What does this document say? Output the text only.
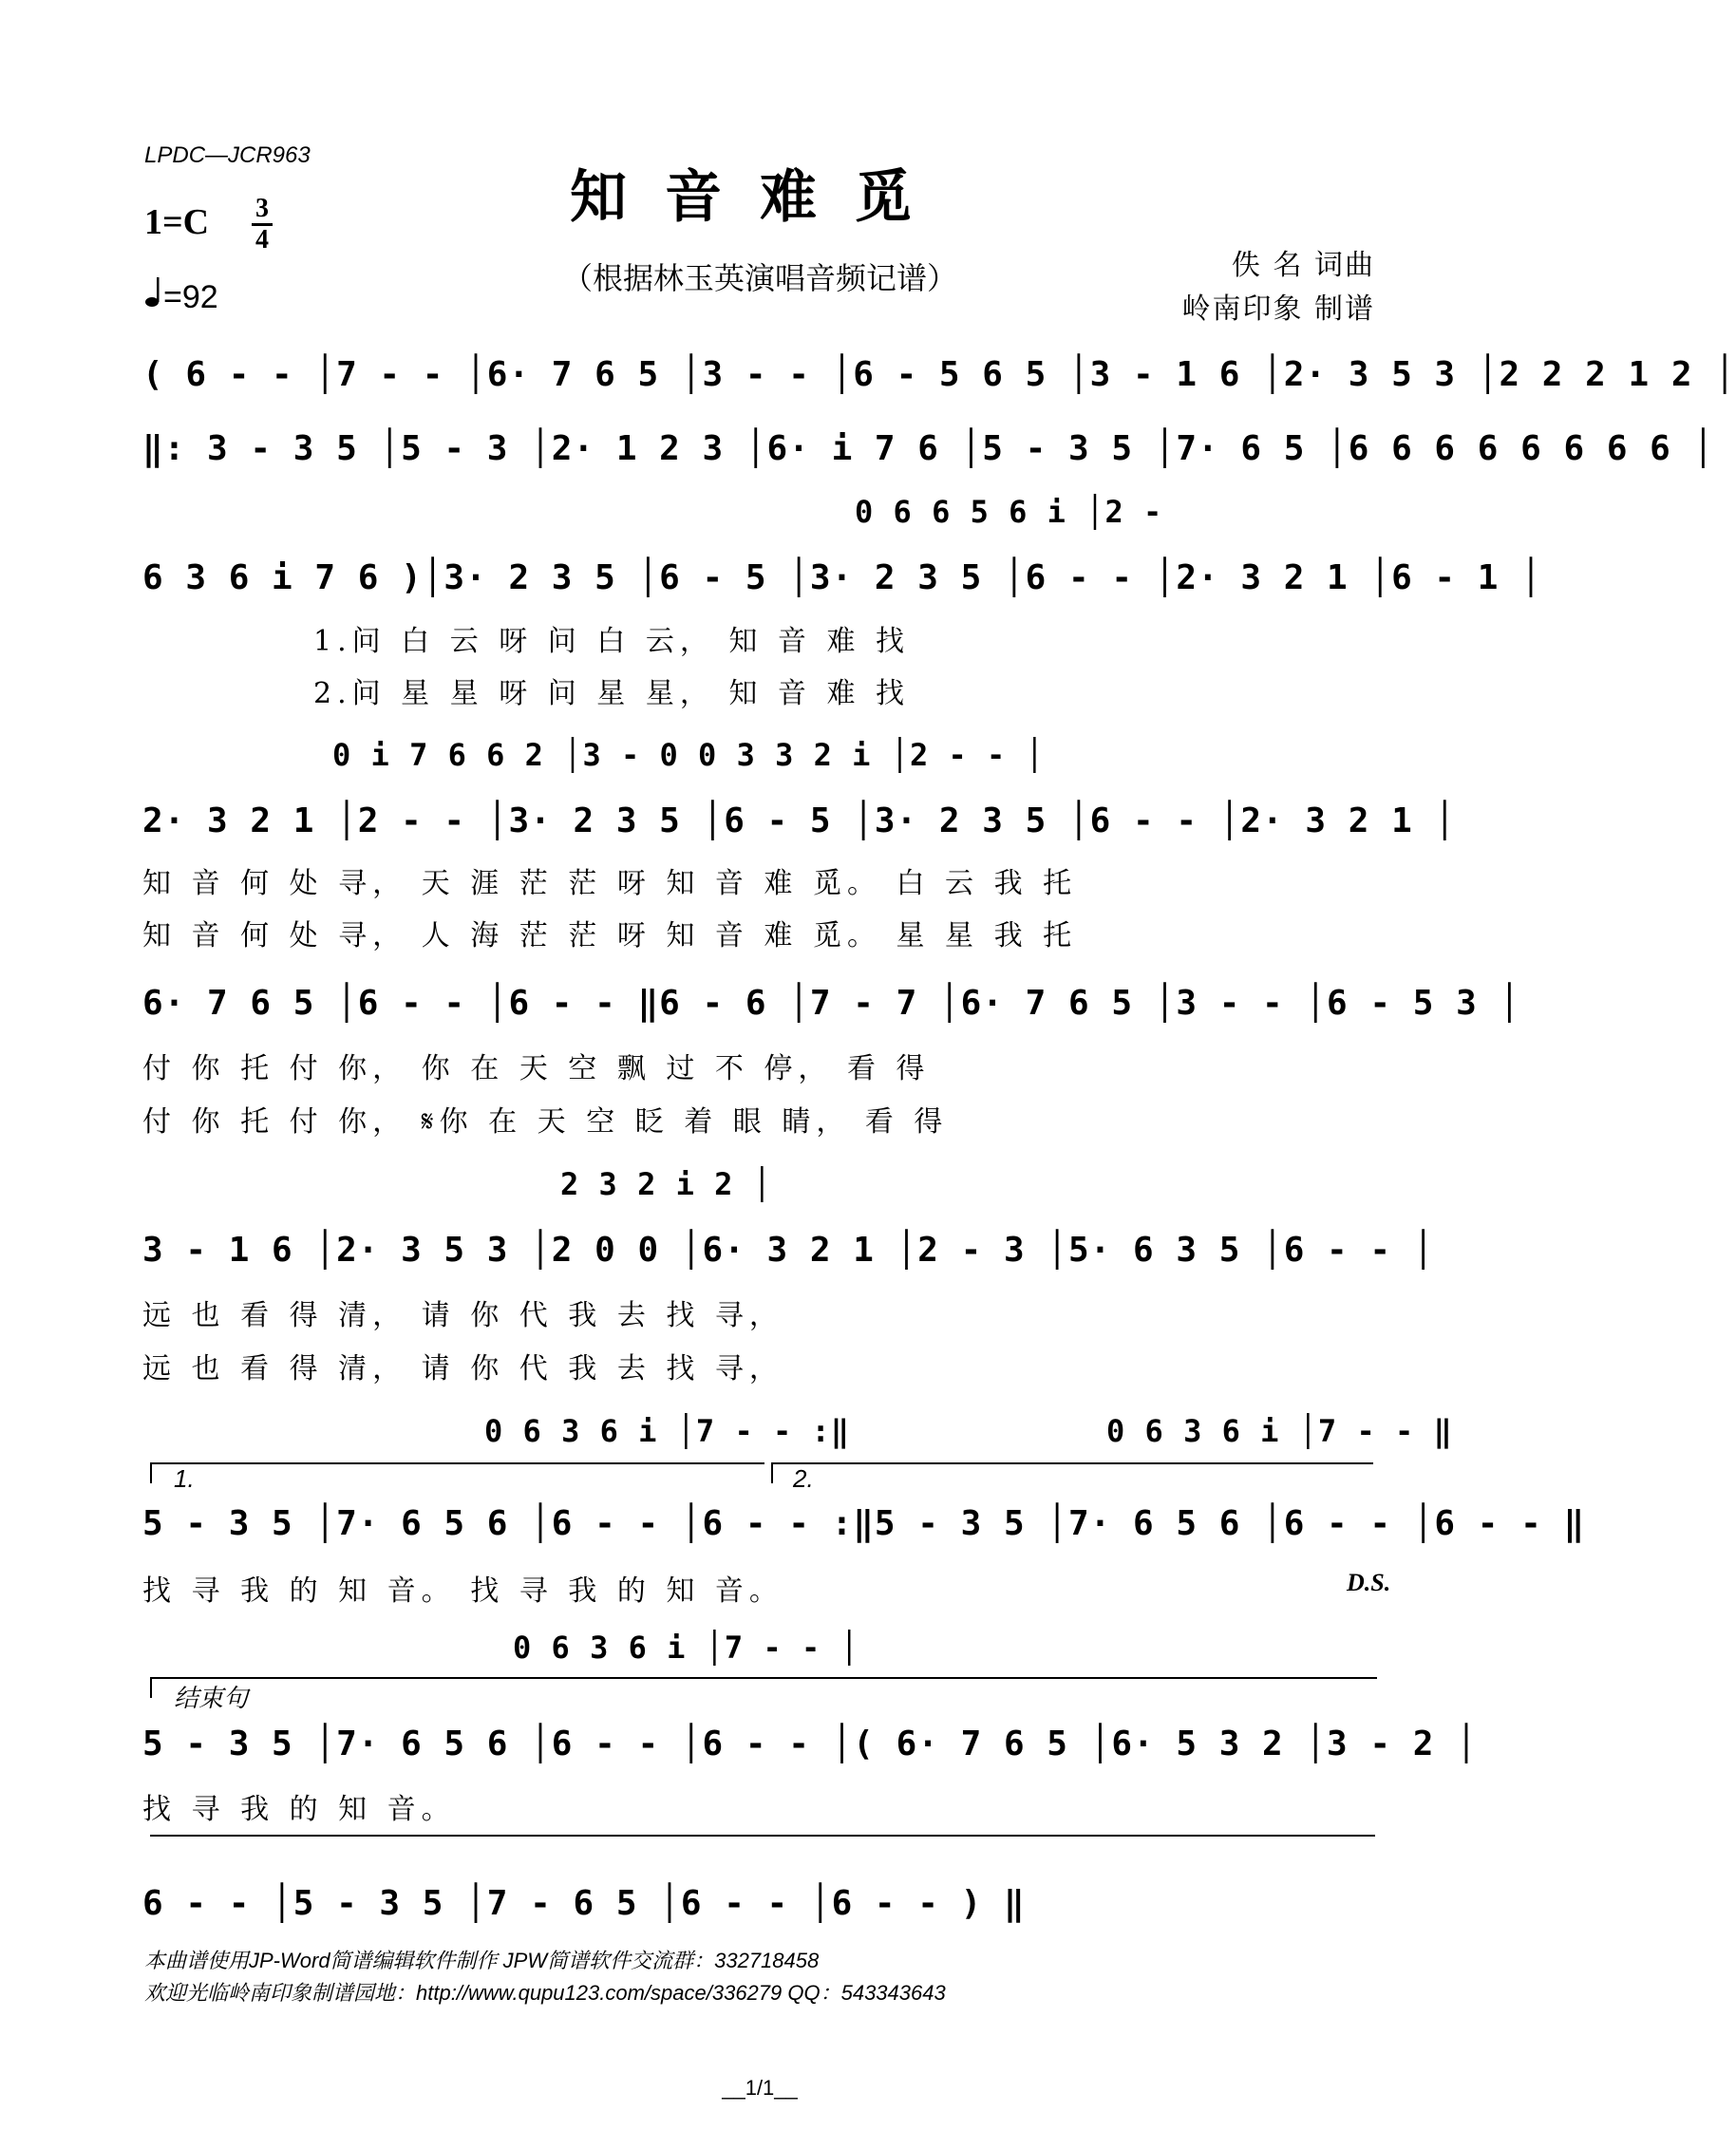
LPDC—JCR963
知音难觅
（根据林玉英演唱音频记谱）
1=C 3
4
=92
佚 名 词曲
岭南印象 制谱
( 6 - - │7 - - │6· 7 6 5 │3 - - │6 - 5 6 5 │3 - 1 6 │2· 3 5 3 │2 2 2 1 2 │
‖: 3 - 3 5 │5 - 3 │2· 1 2 3 │6· i 7 6 │5 - 3 5 │7· 6 5 │6 6 6 6 6 6 6 6 │
0 6 6 5 6 i │2 -
6 3 6 i 7 6 )│3· 2 3 5 │6 - 5 │3· 2 3 5 │6 - - │2· 3 2 1 │6 - 1 │
1.问 白 云 呀 问 白 云， 知 音 难 找
2.问 星 星 呀 问 星 星， 知 音 难 找
0 i 7 6 6 2 │3 - 0 0 3 3 2 i │2 - - │
2· 3 2 1 │2 - - │3· 2 3 5 │6 - 5 │3· 2 3 5 │6 - - │2· 3 2 1 │
知 音 何 处 寻， 天 涯 茫 茫 呀 知 音 难 觅。 白 云 我 托
知 音 何 处 寻， 人 海 茫 茫 呀 知 音 难 觅。 星 星 我 托
6· 7 6 5 │6 - - │6 - - ‖6 - 6 │7 - 7 │6· 7 6 5 │3 - - │6 - 5 3 │
付 你 托 付 你， 你 在 天 空 飘 过 不 停， 看 得
付 你 托 付 你， 𝄋你 在 天 空 眨 着 眼 睛， 看 得
2 3 2 i 2 │
3 - 1 6 │2· 3 5 3 │2 0 0 │6· 3 2 1 │2 - 3 │5· 6 3 5 │6 - - │
远 也 看 得 清， 请 你 代 我 去 找 寻，
远 也 看 得 清， 请 你 代 我 去 找 寻，
0 6 3 6 i │7 - - :‖	0 6 3 6 i │7 - - ‖
1.	2.
5 - 3 5 │7· 6 5 6 │6 - - │6 - - :‖5 - 3 5 │7· 6 5 6 │6 - - │6 - - ‖
找 寻 我 的 知 音。 找 寻 我 的 知 音。	D.S.
0 6 3 6 i │7 - - │
结束句
5 - 3 5 │7· 6 5 6 │6 - - │6 - - │( 6· 7 6 5 │6· 5 3 2 │3 - 2 │
找 寻 我 的 知 音。
6 - - │5 - 3 5 │7 - 6 5 │6 - - │6 - - ) ‖
本曲谱使用JP-Word简谱编辑软件制作 JPW简谱软件交流群：332718458
欢迎光临岭南印象制谱园地：http://www.qupu123.com/space/336279 QQ：543343643
__1/1__
